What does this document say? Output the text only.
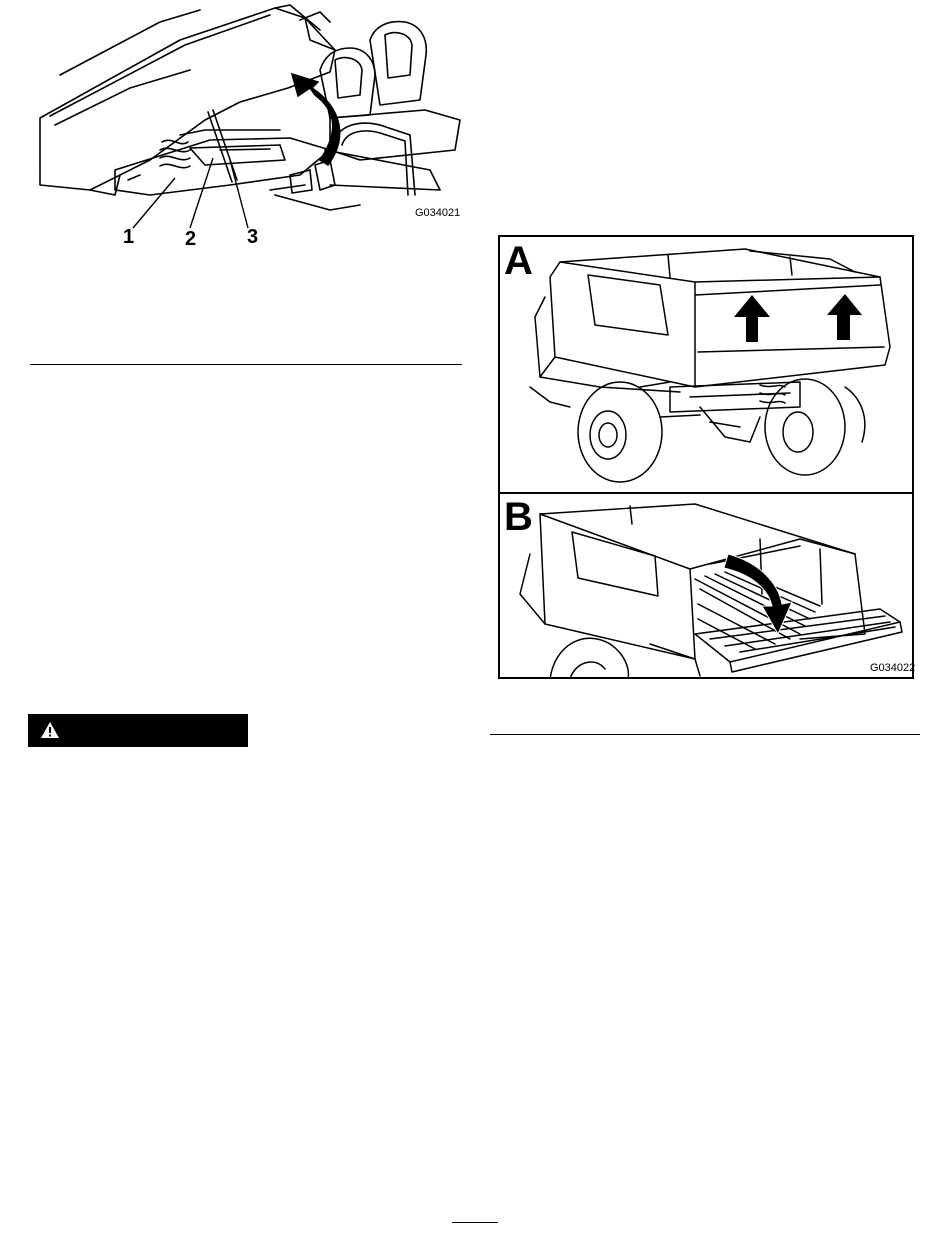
1	2	3
G034021
A
B
G034022
